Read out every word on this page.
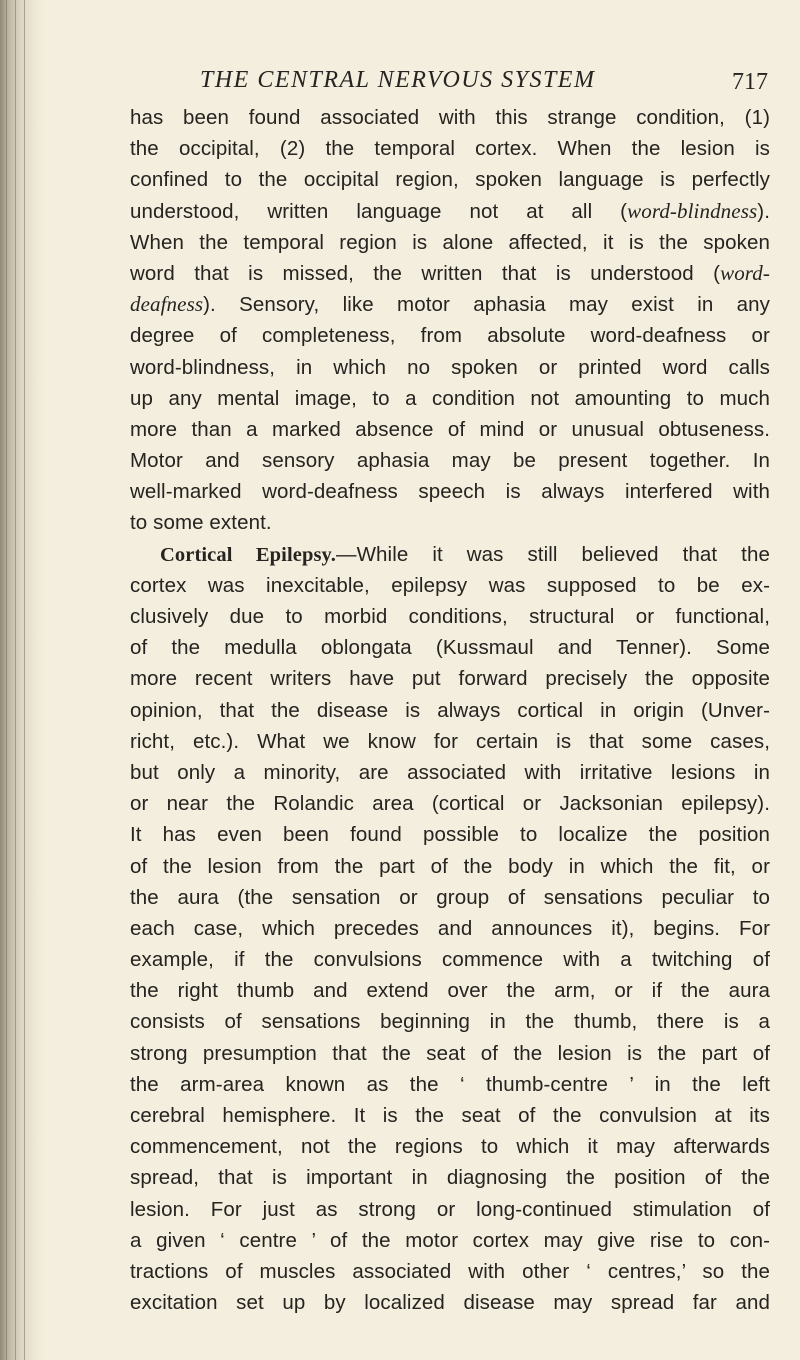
THE CENTRAL NERVOUS SYSTEM	717
has been found associated with this strange condition, (1)
the occipital, (2) the temporal cortex. When the lesion is
confined to the occipital region, spoken language is perfectly
understood, written language not at all (word-blindness).
When the temporal region is alone affected, it is the spoken
word that is missed, the written that is understood (word-
deafness). Sensory, like motor aphasia may exist in any
degree of completeness, from absolute word-deafness or
word-blindness, in which no spoken or printed word calls
up any mental image, to a condition not amounting to much
more than a marked absence of mind or unusual obtuseness.
Motor and sensory aphasia may be present together. In
well-marked word-deafness speech is always interfered with
to some extent.
Cortical Epilepsy.—While it was still believed that the
cortex was inexcitable, epilepsy was supposed to be ex-
clusively due to morbid conditions, structural or functional,
of the medulla oblongata (Kussmaul and Tenner). Some
more recent writers have put forward precisely the opposite
opinion, that the disease is always cortical in origin (Unver-
richt, etc.). What we know for certain is that some cases,
but only a minority, are associated with irritative lesions in
or near the Rolandic area (cortical or Jacksonian epilepsy).
It has even been found possible to localize the position
of the lesion from the part of the body in which the fit, or
the aura (the sensation or group of sensations peculiar to
each case, which precedes and announces it), begins. For
example, if the convulsions commence with a twitching of
the right thumb and extend over the arm, or if the aura
consists of sensations beginning in the thumb, there is a
strong presumption that the seat of the lesion is the part of
the arm-area known as the ‘ thumb-centre ’ in the left
cerebral hemisphere. It is the seat of the convulsion at its
commencement, not the regions to which it may afterwards
spread, that is important in diagnosing the position of the
lesion. For just as strong or long-continued stimulation of
a given ‘ centre ’ of the motor cortex may give rise to con-
tractions of muscles associated with other ‘ centres,’ so the
excitation set up by localized disease may spread far and
